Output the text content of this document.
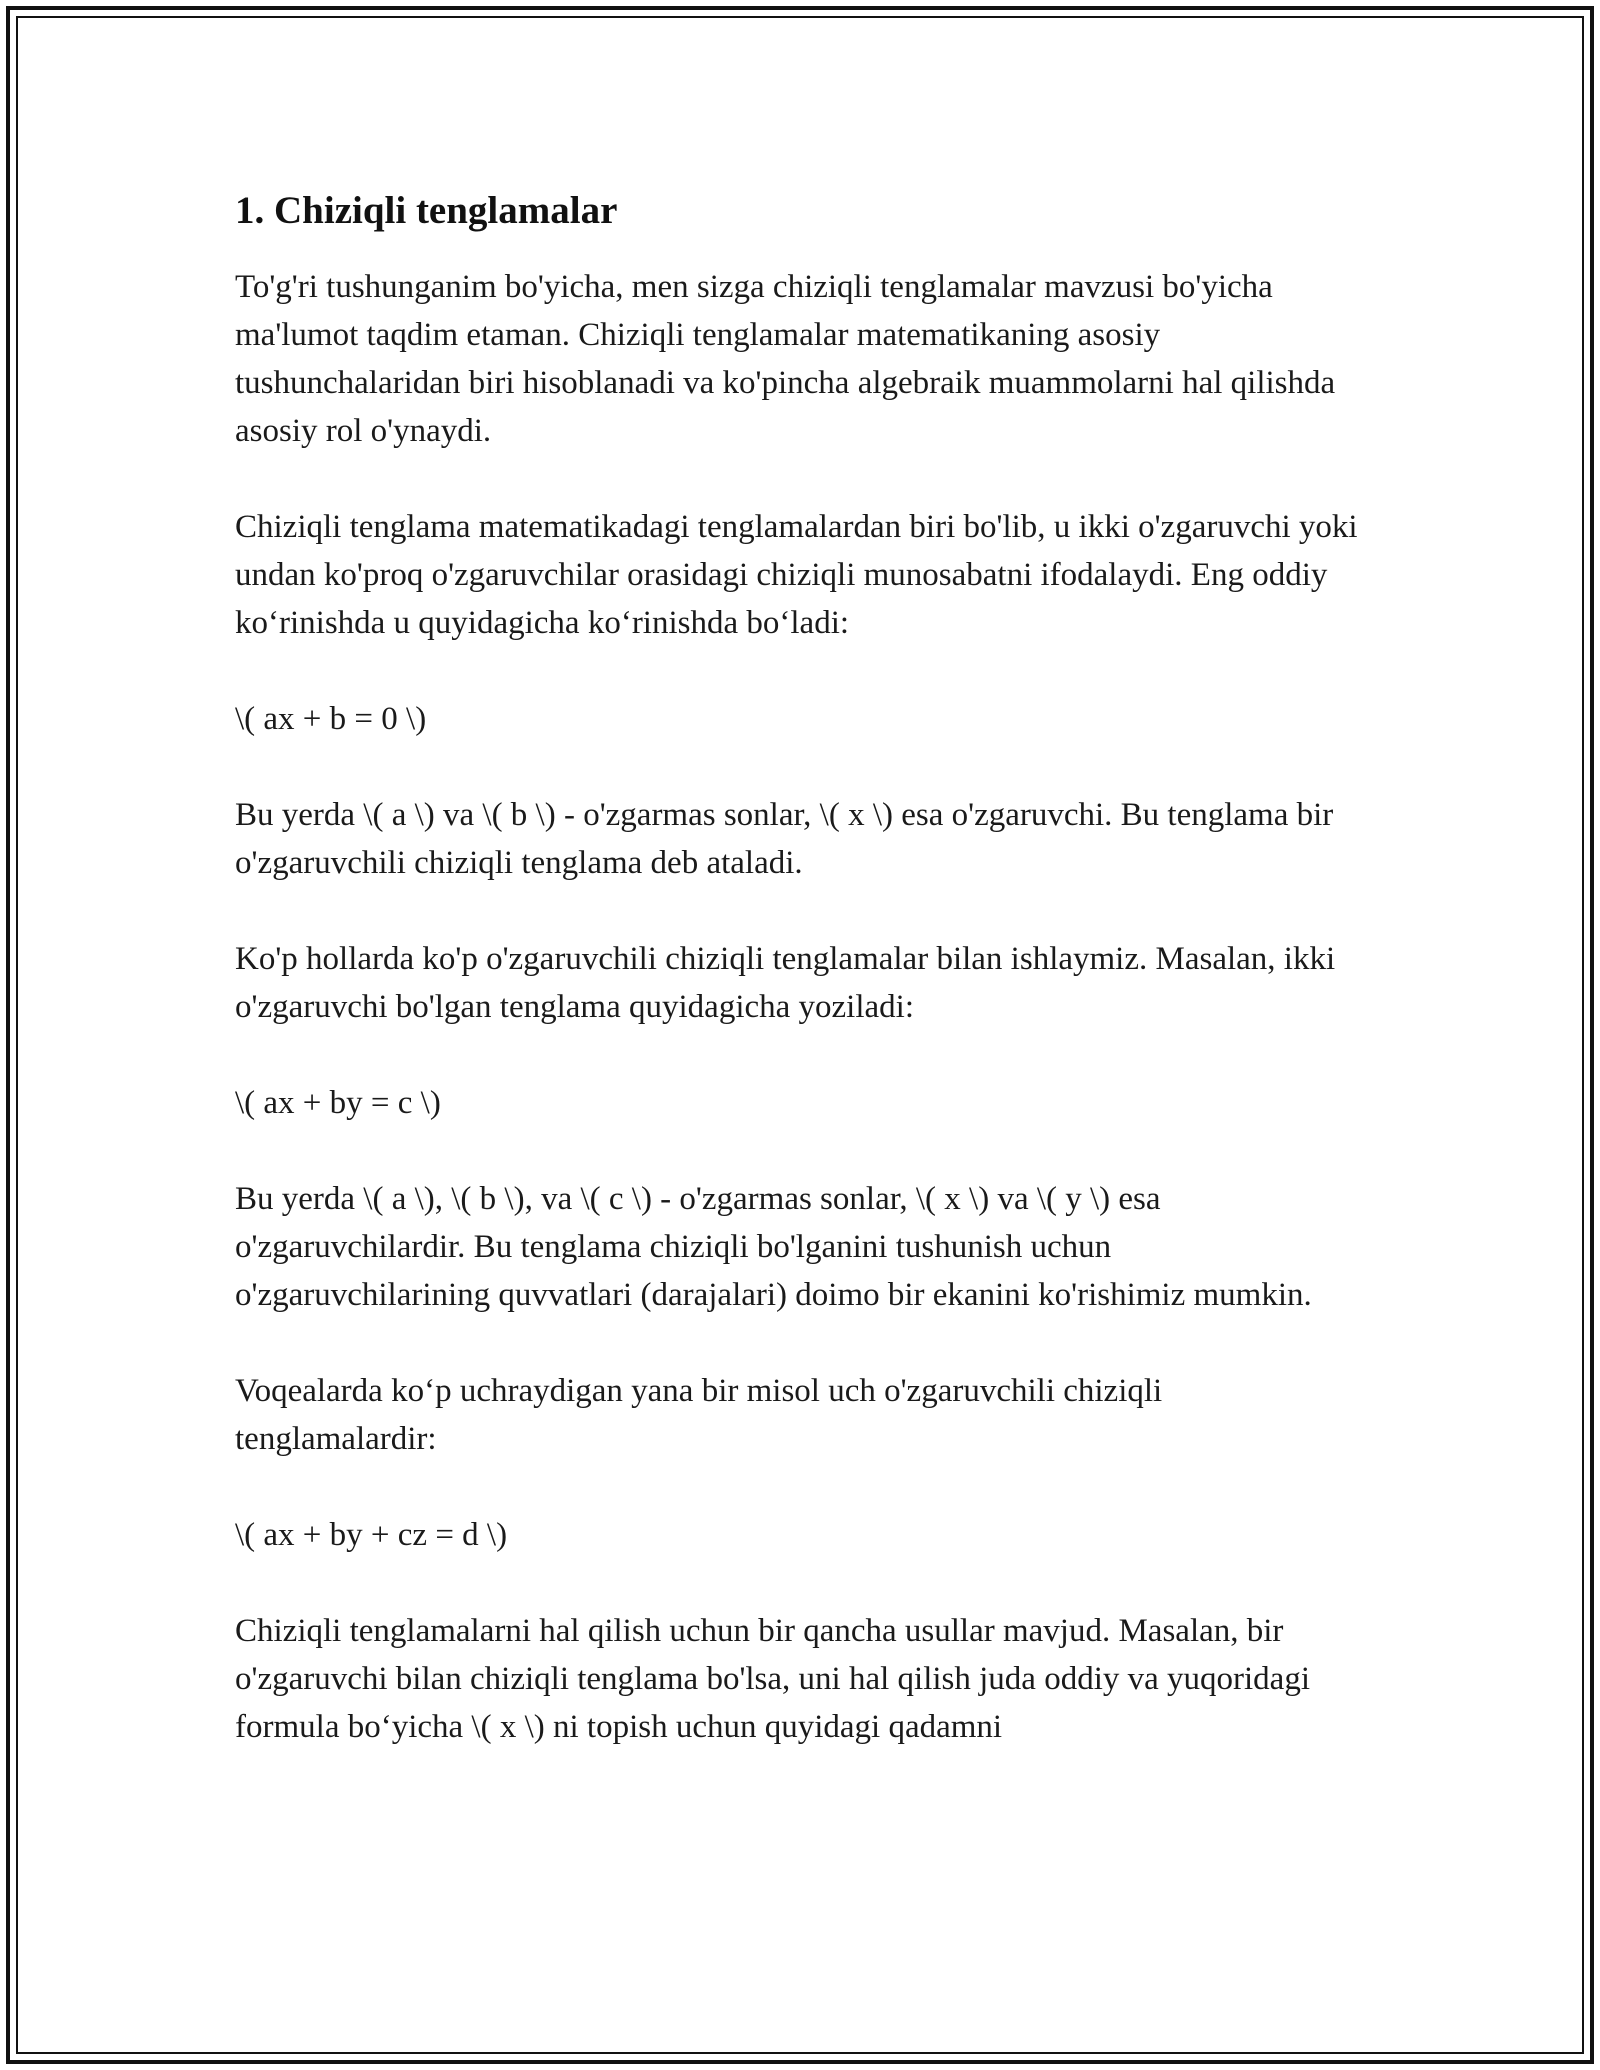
1. Chiziqli tenglamalar

To'g'ri tushunganim bo'yicha, men sizga chiziqli tenglamalar mavzusi bo'yicha ma'lumot taqdim etaman. Chiziqli tenglamalar matematikaning asosiy tushunchalaridan biri hisoblanadi va ko'pincha algebraik muammolarni hal qilishda asosiy rol o'ynaydi.

Chiziqli tenglama matematikadagi tenglamalardan biri bo'lib, u ikki o'zgaruvchi yoki undan ko'proq o'zgaruvchilar orasidagi chiziqli munosabatni ifodalaydi. Eng oddiy ko‘rinishda u quyidagicha ko‘rinishda bo‘ladi:

\( ax + b = 0 \)

Bu yerda \( a \) va \( b \) - o'zgarmas sonlar, \( x \) esa o'zgaruvchi. Bu tenglama bir o'zgaruvchili chiziqli tenglama deb ataladi.

Ko'p hollarda ko'p o'zgaruvchili chiziqli tenglamalar bilan ishlaymiz. Masalan, ikki o'zgaruvchi bo'lgan tenglama quyidagicha yoziladi:

\( ax + by = c \)

Bu yerda \( a \), \( b \), va \( c \) - o'zgarmas sonlar, \( x \) va \( y \) esa o'zgaruvchilardir. Bu tenglama chiziqli bo'lganini tushunish uchun o'zgaruvchilarining quvvatlari (darajalari) doimo bir ekanini ko'rishimiz mumkin.

Voqealarda ko‘p uchraydigan yana bir misol uch o'zgaruvchili chiziqli tenglamalardir:

\( ax + by + cz = d \)

Chiziqli tenglamalarni hal qilish uchun bir qancha usullar mavjud. Masalan, bir o'zgaruvchi bilan chiziqli tenglama bo'lsa, uni hal qilish juda oddiy va yuqoridagi formula bo‘yicha \( x \) ni topish uchun quyidagi qadamni
